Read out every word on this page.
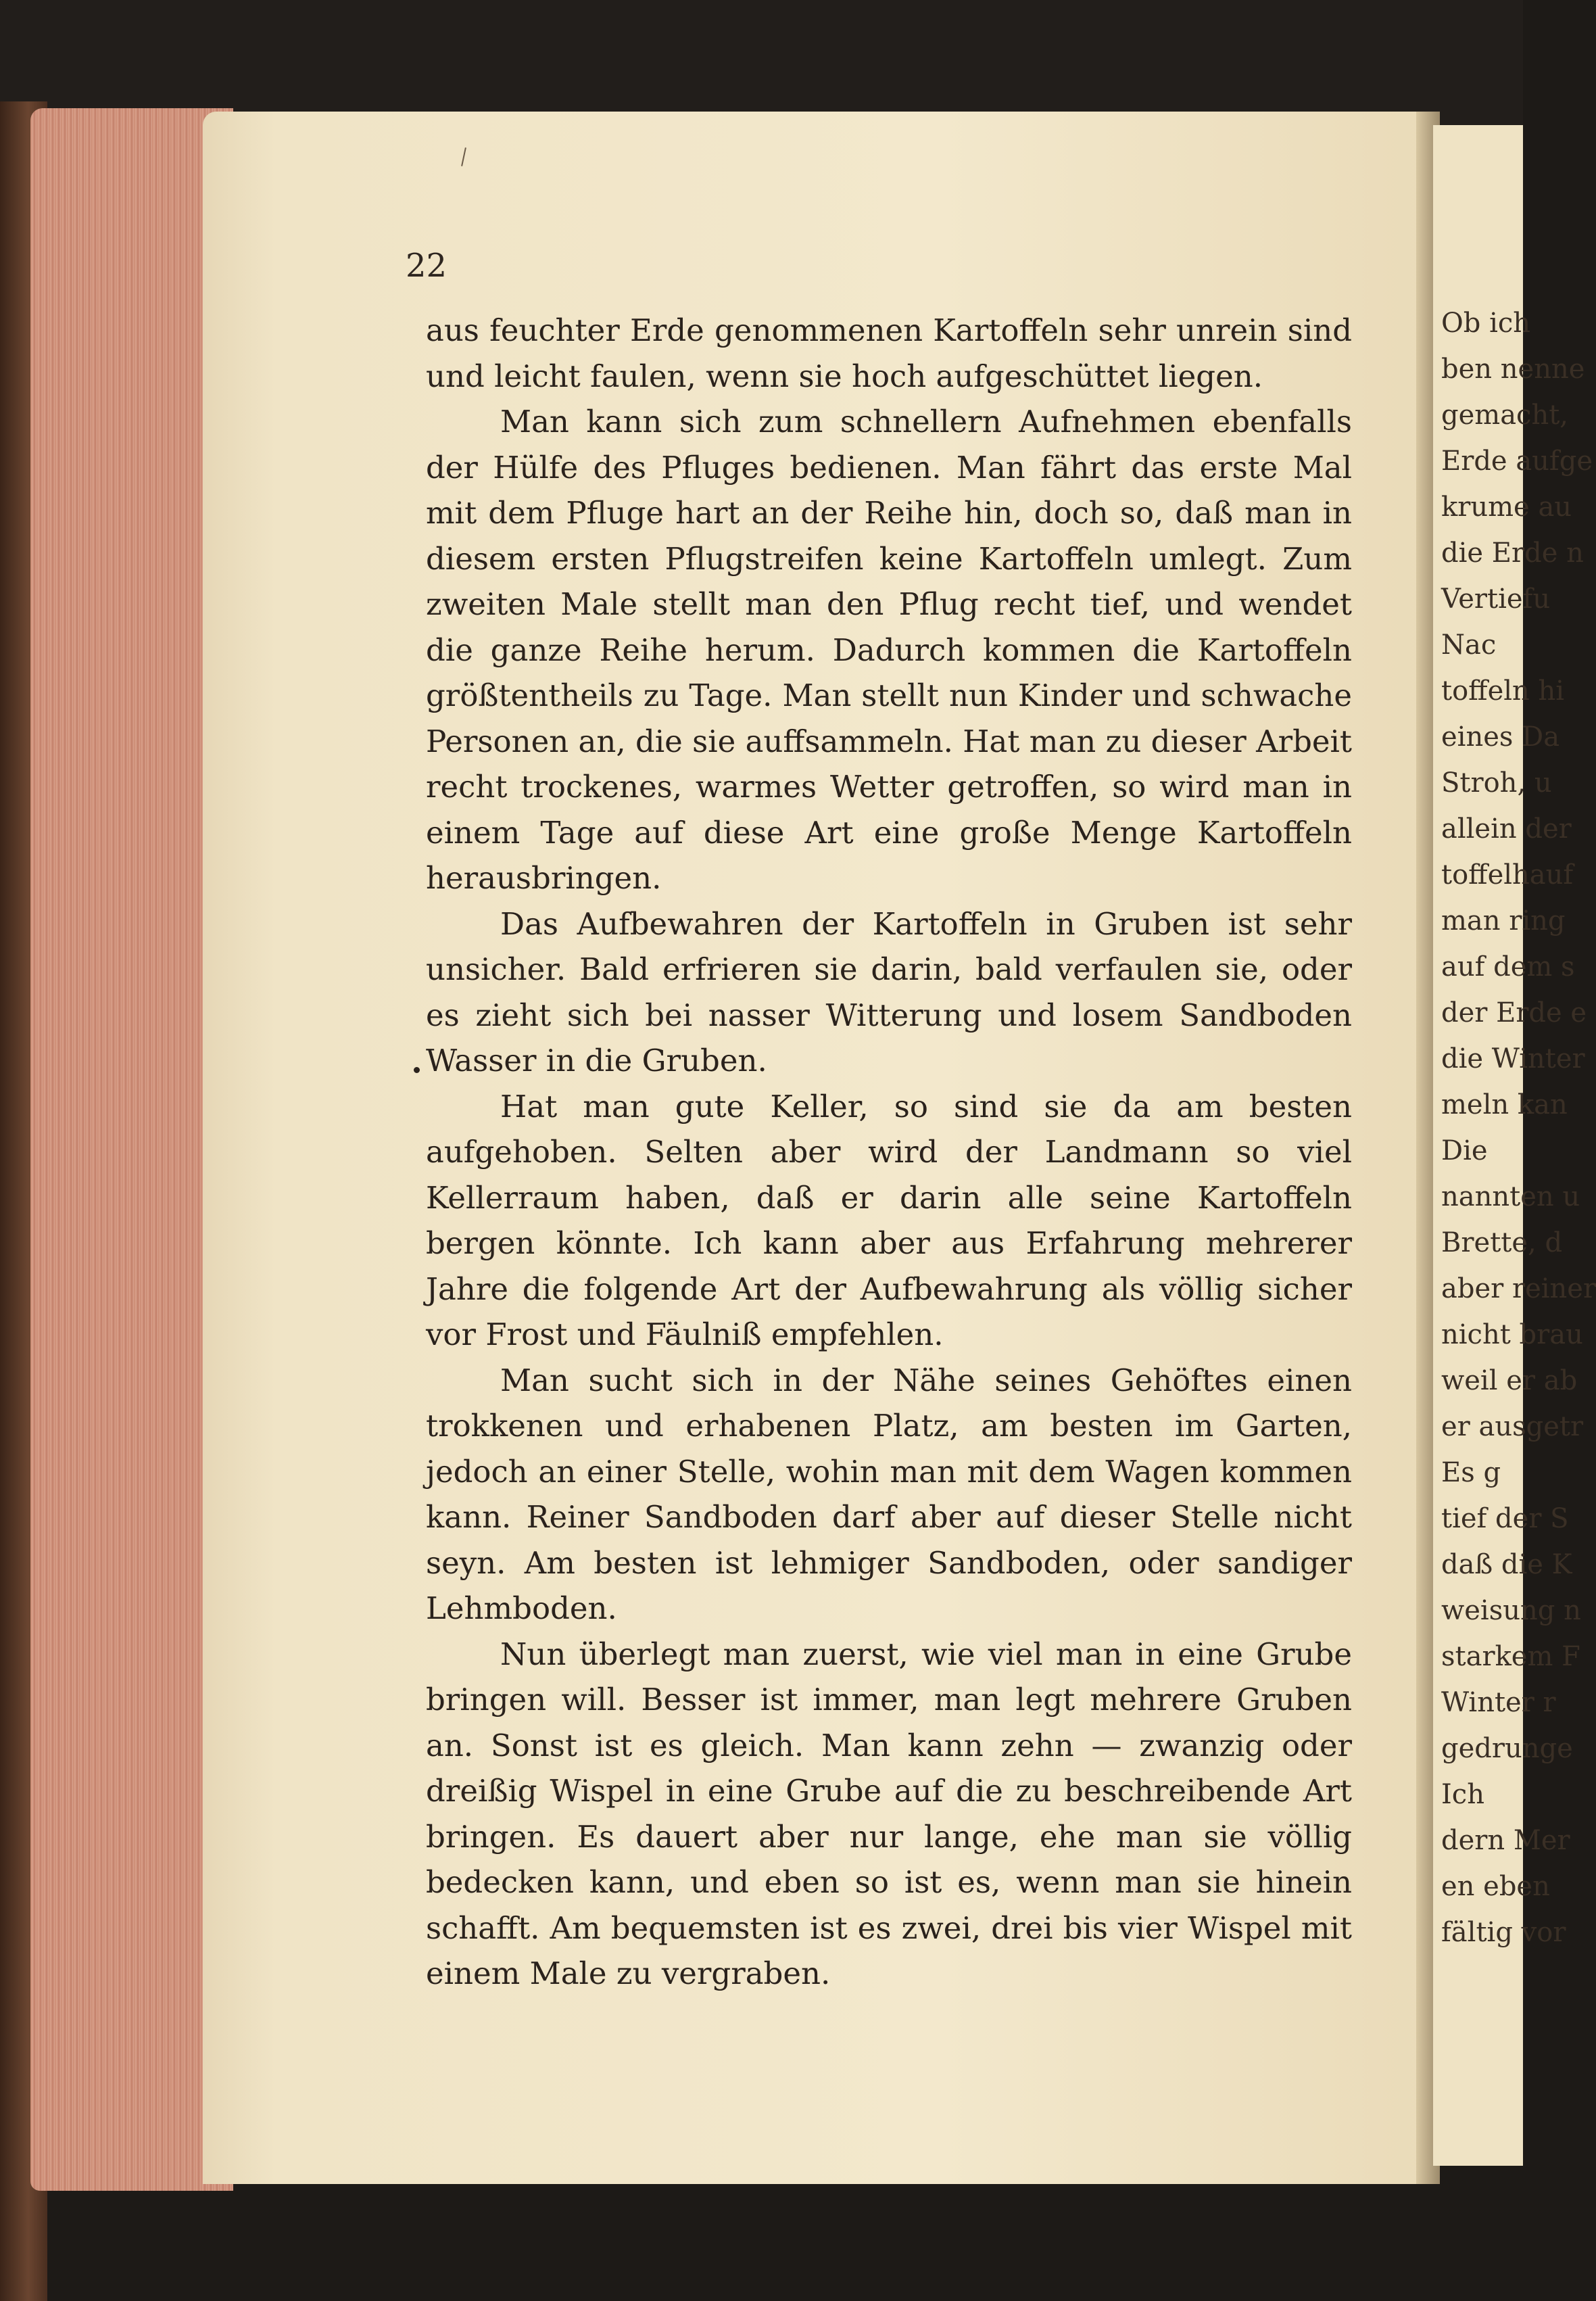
Ob ich
ben nenne
gemacht,
Erde aufge
krume au
die Erde n
Vertiefu
Nac
toffeln hi
eines Da
Stroh, u
allein der
toffelhauf
man ring
auf dem s
der Erde e
die Winter
meln kan
Die
nannten u
Brette, d
aber reiner
nicht brau
weil er ab
er ausgetr
Es g
tief der S
daß die K
weisung n
starkem F
Winter r
gedrunge
Ich
dern Mer
en eben
fältig vor
22

aus feuchter Erde genommenen Kartoffeln sehr unrein sind und leicht faulen, wenn sie hoch aufgeschüttet liegen.

Man kann sich zum schnellern Aufnehmen ebenfalls der Hülfe des Pfluges bedienen. Man fährt das erste Mal mit dem Pfluge hart an der Reihe hin, doch so, daß man in diesem ersten Pflugstreifen keine Kartoffeln umlegt. Zum zweiten Male stellt man den Pflug recht tief, und wendet die ganze Reihe herum. Dadurch kommen die Kartoffeln größtentheils zu Tage. Man stellt nun Kinder und schwache Personen an, die sie auffsammeln. Hat man zu dieser Arbeit recht trockenes, warmes Wetter getroffen, so wird man in einem Tage auf diese Art eine große Menge Kartoffeln herausbringen.

Das Aufbewahren der Kartoffeln in Gruben ist sehr unsicher. Bald erfrieren sie darin, bald verfaulen sie, oder es zieht sich bei nasser Witterung und losem Sandboden Wasser in die Gruben.

Hat man gute Keller, so sind sie da am besten aufgehoben. Selten aber wird der Landmann so viel Kellerraum haben, daß er darin alle seine Kartoffeln bergen könnte. Ich kann aber aus Erfahrung mehrerer Jahre die folgende Art der Aufbewahrung als völlig sicher vor Frost und Fäulniß empfehlen.

Man sucht sich in der Nähe seines Gehöftes einen trokkenen und erhabenen Platz, am besten im Garten, jedoch an einer Stelle, wohin man mit dem Wagen kommen kann. Reiner Sandboden darf aber auf dieser Stelle nicht seyn. Am besten ist lehmiger Sandboden, oder sandiger Lehmboden.

Nun überlegt man zuerst, wie viel man in eine Grube bringen will. Besser ist immer, man legt mehrere Gruben an. Sonst ist es gleich. Man kann zehn — zwanzig oder dreißig Wispel in eine Grube auf die zu beschreibende Art bringen. Es dauert aber nur lange, ehe man sie völlig bedecken kann, und eben so ist es, wenn man sie hinein schafft. Am bequemsten ist es zwei, drei bis vier Wispel mit einem Male zu vergraben.
